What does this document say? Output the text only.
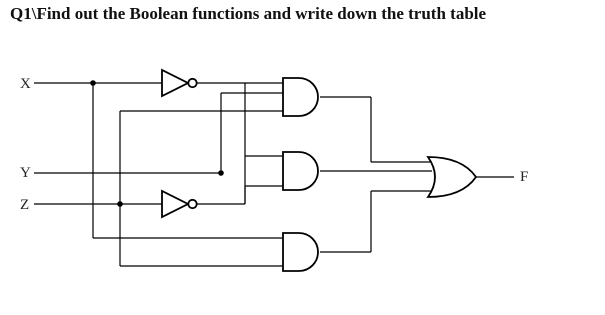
Q1\Find out the Boolean functions and write down the truth table
X
Y
Z
F
